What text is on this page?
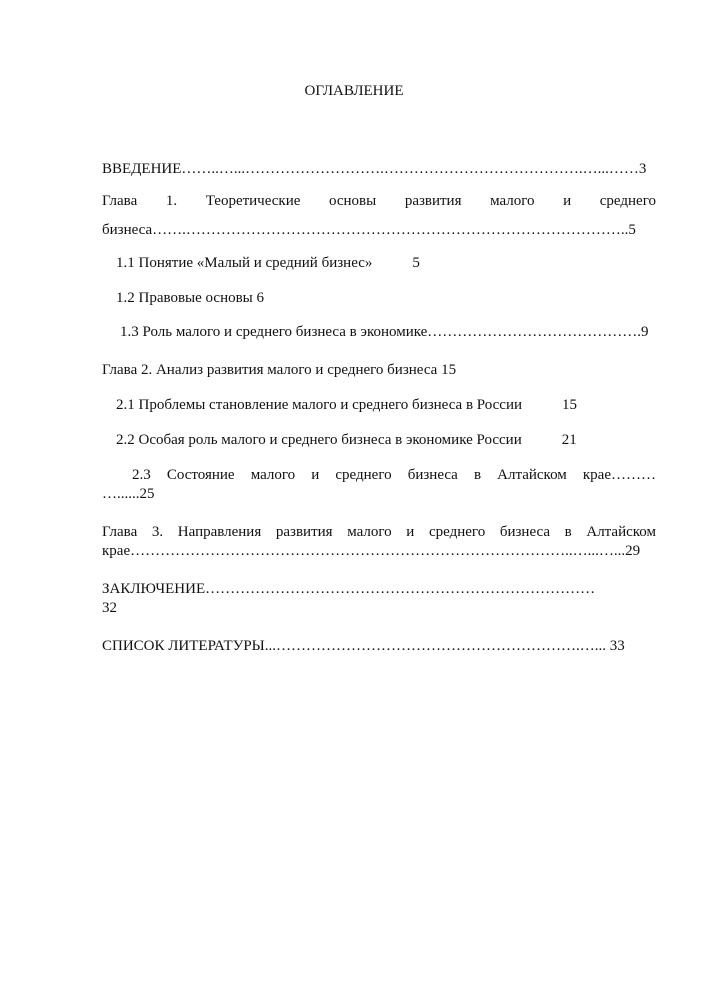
ОГЛАВЛЕНИЕ
ВВЕДЕНИЕ……..…...……………………….………………………………….…...……3
Глава 1. Теоретические основы развития малого и среднего
бизнеса…….……………………………………………………………………………..5
1.1 Понятие «Малый и средний бизнес»	5
1.2 Правовые основы 6
1.3 Роль малого и среднего бизнеса в экономике…………………………………….9
Глава 2. Анализ развития малого и среднего бизнеса 15
2.1 Проблемы становление малого и среднего бизнеса в России	15
2.2 Особая роль малого и среднего бизнеса в экономике России	21
2.3 Состояние малого и среднего бизнеса в Алтайском крае………
…......25
Глава 3. Направления развития малого и среднего бизнеса в Алтайском
крае……………………………………………………………………………..…...…...29
ЗАКЛЮЧЕНИЕ……………………………………………………………………
32
СПИСОК ЛИТЕРАТУРЫ...…………………………………………………….…... 33
